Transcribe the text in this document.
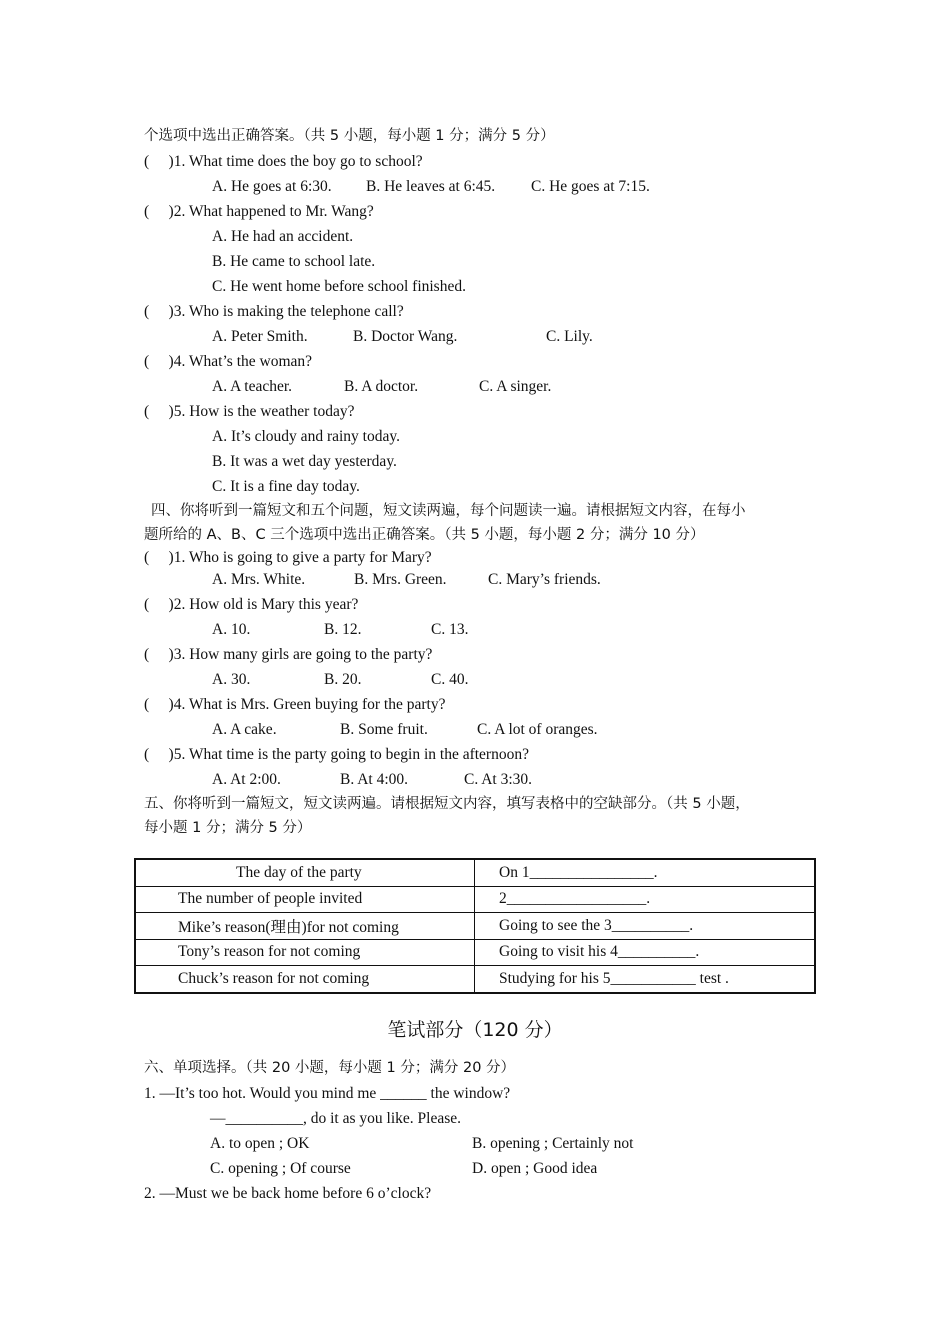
个选项中选出正确答案。（共 5 小题，每小题 1 分；满分 5 分）
(     )1. What time does the boy go to school?
A. He goes at 6:30. B. He leaves at 6:45. C. He goes at 7:15.
(     )2. What happened to Mr. Wang?
A. He had an accident.
B. He came to school late.
C. He went home before school finished.
(     )3. Who is making the telephone call?
A. Peter Smith.	B. Doctor Wang.	C. Lily.
(     )4. What’s the woman?
A. A teacher.	B. A doctor.	C. A singer.
(     )5. How is the weather today?
A. It’s cloudy and rainy today.
B. It was a wet day yesterday.
C. It is a fine day today.
四、你将听到一篇短文和五个问题，短文读两遍，每个问题读一遍。请根据短文内容，在每小
题所给的 A、B、C 三个选项中选出正确答案。（共 5 小题，每小题 2 分；满分 10 分）
(     )1. Who is going to give a party for Mary?
A. Mrs. White.	B. Mrs. Green.	C. Mary’s friends.
(     )2. How old is Mary this year?
A. 10.	B. 12.	C. 13.
(     )3. How many girls are going to the party?
A. 30.	B. 20.	C. 40.
(     )4. What is Mrs. Green buying for the party?
A. A cake.	B. Some fruit.	C. A lot of oranges.
(     )5. What time is the party going to begin in the afternoon?
A. At 2:00.	B. At 4:00.	C. At 3:30.
五、你将听到一篇短文，短文读两遍。请根据短文内容，填写表格中的空缺部分。（共 5 小题，
每小题 1 分；满分 5 分）
The day of the party	On 1________________.
The number of people invited	2__________________.
Mike’s reason(理由)for not coming	Going to see the 3__________.
Tony’s reason for not coming	Going to visit his 4__________.
Chuck’s reason for not coming	Studying for his 5___________ test .
笔试部分（120 分）
六、单项选择。（共 20 小题，每小题 1 分；满分 20 分）
1. —It’s too hot. Would you mind me ______ the window?
—__________, do it as you like. Please.
A. to open ; OK	B. opening ; Certainly not
C. opening ; Of course	D. open ; Good idea
2. —Must we be back home before 6 o’clock?
